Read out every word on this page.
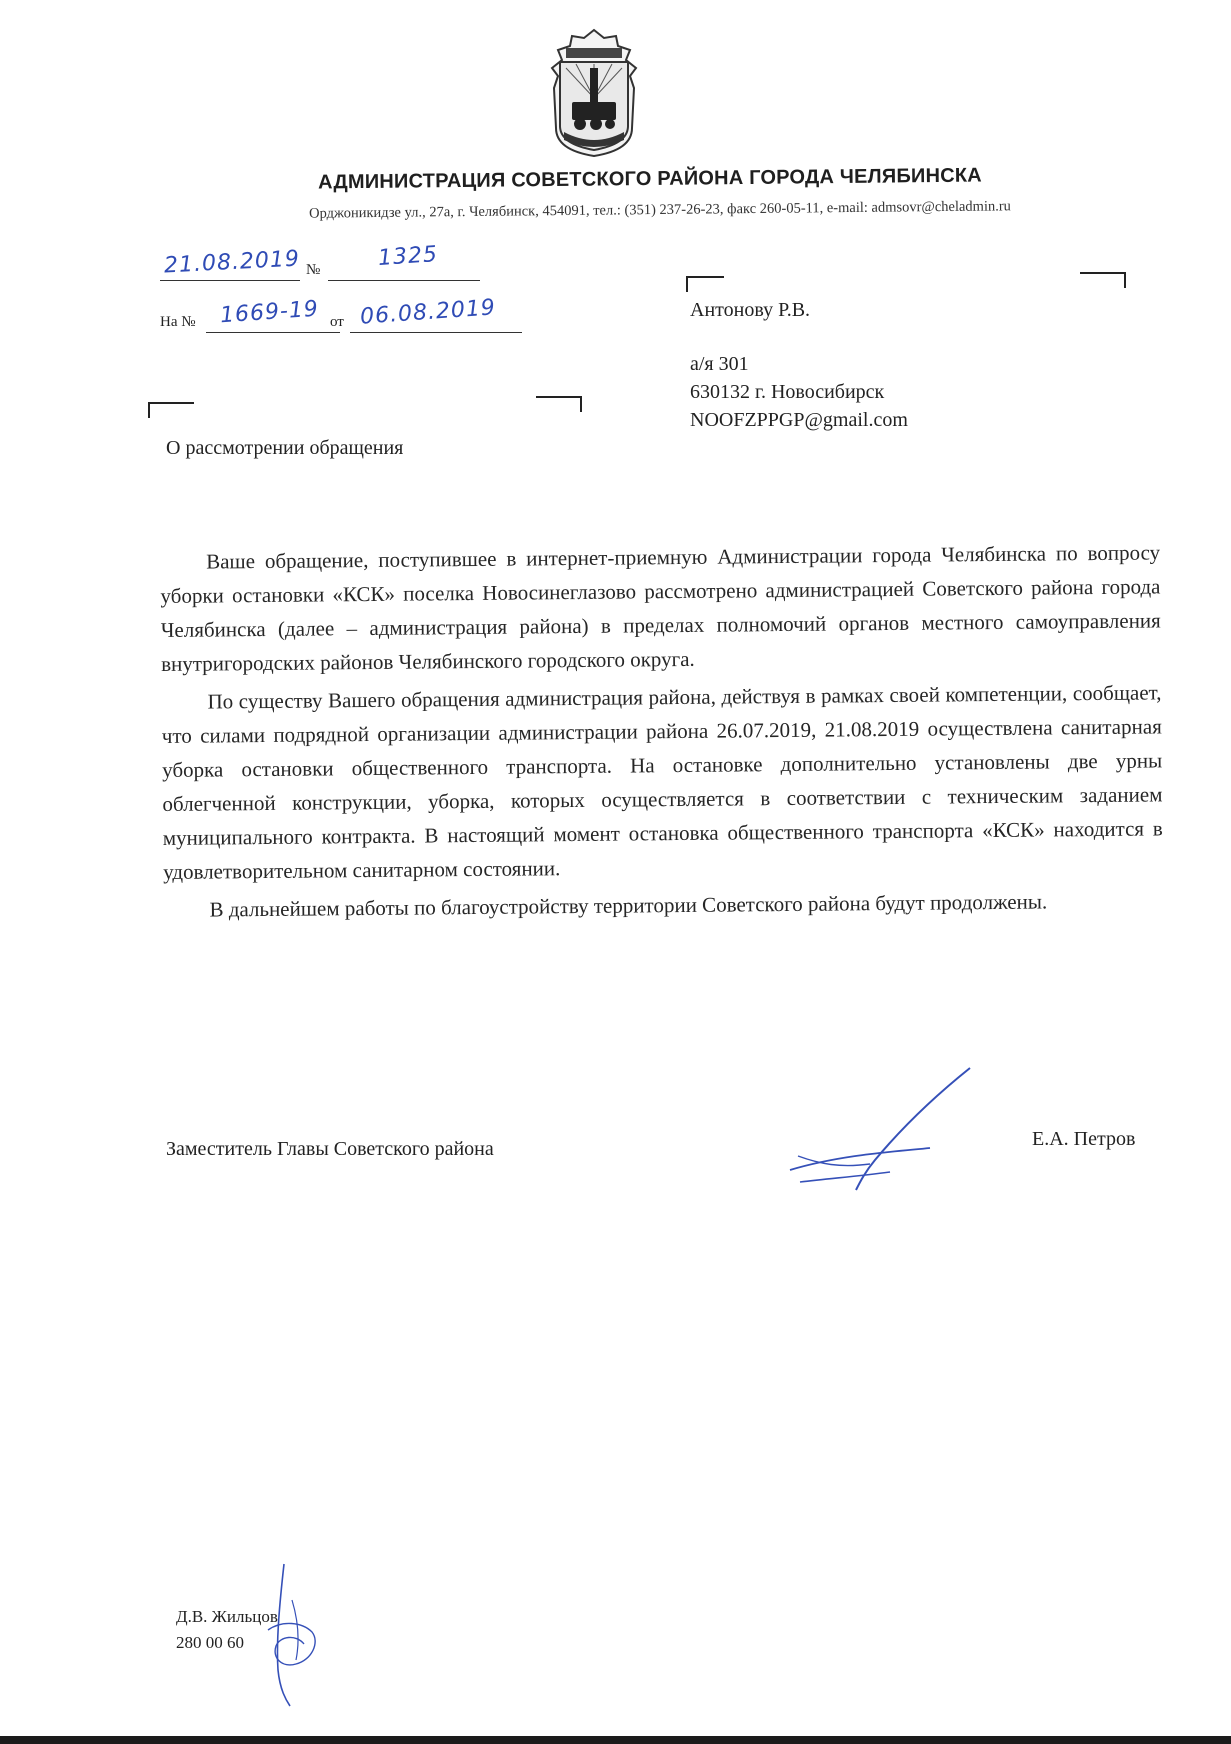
АДМИНИСТРАЦИЯ СОВЕТСКОГО РАЙОНА ГОРОДА ЧЕЛЯБИНСКА
Орджоникидзе ул., 27а, г. Челябинск, 454091, тел.: (351) 237-26-23, факс 260-05-11, e-mail: admsovr@cheladmin.ru
21.08.2019 №	1325
На № 1669-19 от 06.08.2019	Антонову Р.В.
а/я 301
630132 г. Новосибирск
NOOFZPPGP@gmail.com
О рассмотрении обращения

Ваше обращение, поступившее в интернет-приемную Администрации города Челябинска по вопросу уборки остановки «КСК» поселка Новосинеглазово рассмотрено администрацией Советского района города Челябинска (далее – администрация района) в пределах полномочий органов местного самоуправления внутригородских районов Челябинского городского округа.

По существу Вашего обращения администрация района, действуя в рамках своей компетенции, сообщает, что силами подрядной организации администрации района 26.07.2019, 21.08.2019 осуществлена санитарная уборка остановки общественного транспорта. На остановке дополнительно установлены две урны облегченной конструкции, уборка, которых осуществляется в соответствии с техническим заданием муниципального контракта. В настоящий момент остановка общественного транспорта «КСК» находится в удовлетворительном санитарном состоянии.

В дальнейшем работы по благоустройству территории Советского района будут продолжены.

Заместитель Главы Советского района	Е.А. Петров
Д.В. Жильцов
280 00 60
